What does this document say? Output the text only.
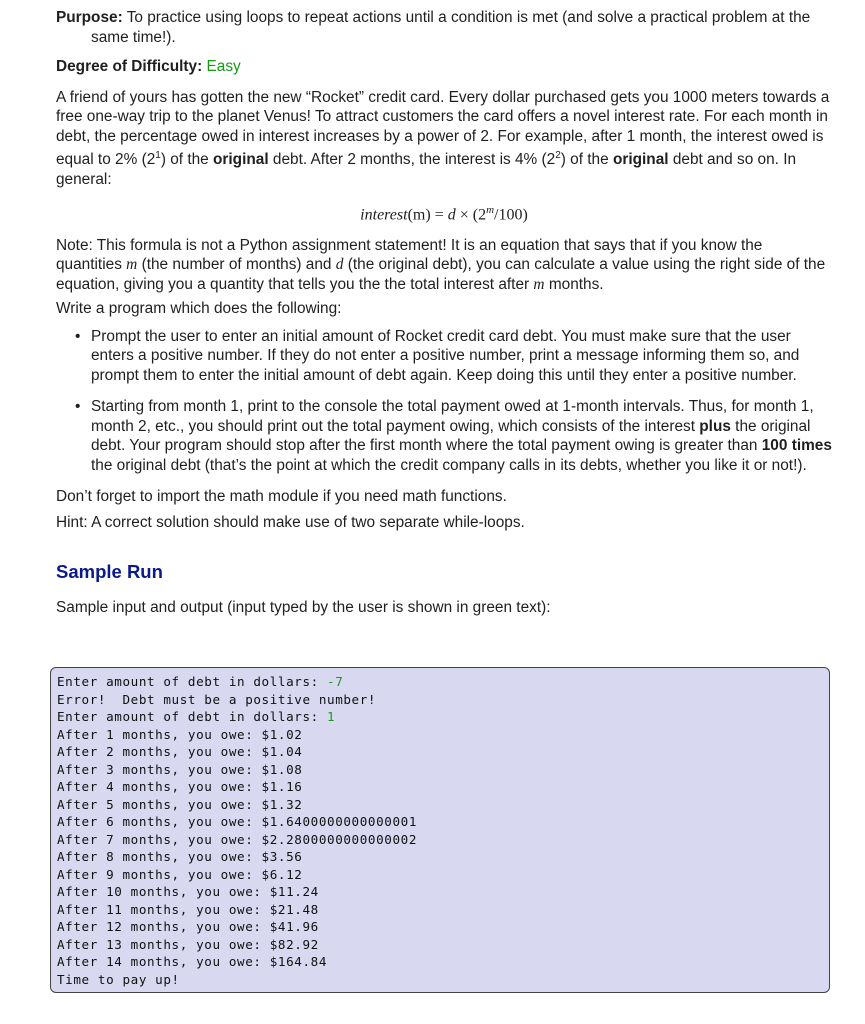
Purpose: To practice using loops to repeat actions until a condition is met (and solve a practical problem at the same time!).

Degree of Difficulty: Easy

A friend of yours has gotten the new “Rocket” credit card. Every dollar purchased gets you 1000 meters towards a free one-way trip to the planet Venus! To attract customers the card offers a novel interest rate. For each month in debt, the percentage owed in interest increases by a power of 2. For example, after 1 month, the interest owed is equal to 2% $(2^1)$ of the original debt. After 2 months, the interest is 4% $(2^2)$ of the original debt and so on. In general:

interest(m) = $d \times (2^m/100)$

Note: This formula is not a Python assignment statement! It is an equation that says that if you know the quantities m (the number of months) and d (the original debt), you can calculate a value using the right side of the equation, giving you a quantity that tells you the the total interest after m months.

Write a program which does the following:

• Prompt the user to enter an initial amount of Rocket credit card debt. You must make sure that the user enters a positive number. If they do not enter a positive number, print a message informing them so, and prompt them to enter the initial amount of debt again. Keep doing this until they enter a positive number.
• Starting from month 1, print to the console the total payment owed at 1-month intervals. Thus, for month 1, month 2, etc., you should print out the total payment owing, which consists of the interest plus the original debt. Your program should stop after the first month where the total payment owing is greater than 100 times the original debt (that’s the point at which the credit company calls in its debts, whether you like it or not!).

Don’t forget to import the math module if you need math functions.

Hint: A correct solution should make use of two separate while-loops.

Sample Run

Sample input and output (input typed by the user is shown in green text):

Enter amount of debt in dollars: -7
Error!  Debt must be a positive number!
Enter amount of debt in dollars: 1
After 1 months, you owe: $1.02
After 2 months, you owe: $1.04
After 3 months, you owe: $1.08
After 4 months, you owe: $1.16
After 5 months, you owe: $1.32
After 6 months, you owe: $1.6400000000000001
After 7 months, you owe: $2.2800000000000002
After 8 months, you owe: $3.56
After 9 months, you owe: $6.12
After 10 months, you owe: $11.24
After 11 months, you owe: $21.48
After 12 months, you owe: $41.96
After 13 months, you owe: $82.92
After 14 months, you owe: $164.84
Time to pay up!
